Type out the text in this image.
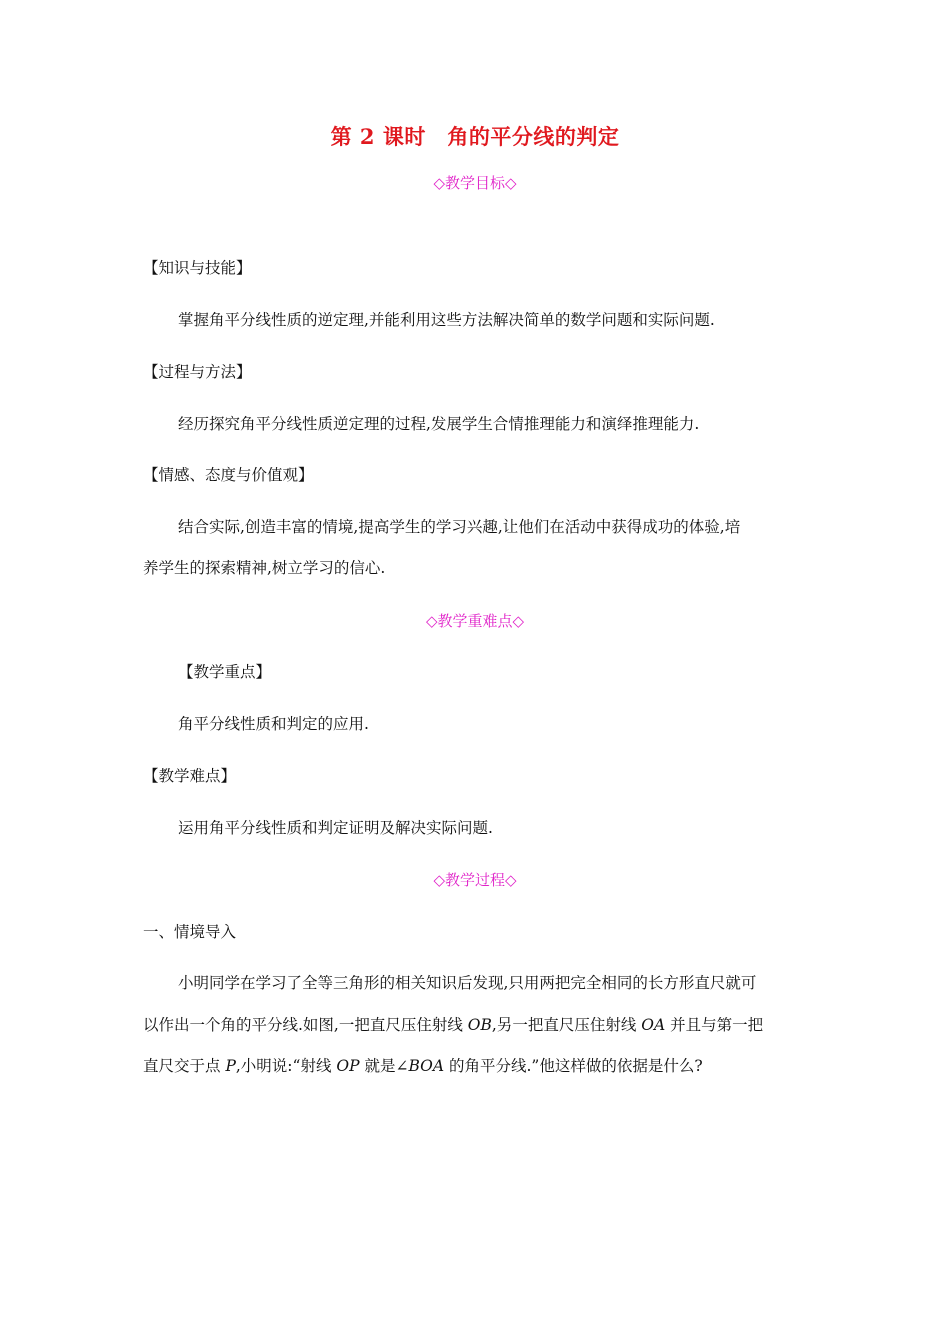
第 2 课时　角的平分线的判定
◇教学目标◇
【知识与技能】
掌握角平分线性质的逆定理,并能利用这些方法解决简单的数学问题和实际问题.
【过程与方法】
经历探究角平分线性质逆定理的过程,发展学生合情推理能力和演绎推理能力.
【情感、态度与价值观】
结合实际,创造丰富的情境,提高学生的学习兴趣,让他们在活动中获得成功的体验,培
养学生的探索精神,树立学习的信心.
◇教学重难点◇
【教学重点】
角平分线性质和判定的应用.
【教学难点】
运用角平分线性质和判定证明及解决实际问题.
◇教学过程◇
一、情境导入
小明同学在学习了全等三角形的相关知识后发现,只用两把完全相同的长方形直尺就可
以作出一个角的平分线.如图,一把直尺压住射线 OB,另一把直尺压住射线 OA 并且与第一把
直尺交于点 P,小明说:“射线 OP 就是∠BOA 的角平分线.”他这样做的依据是什么?
